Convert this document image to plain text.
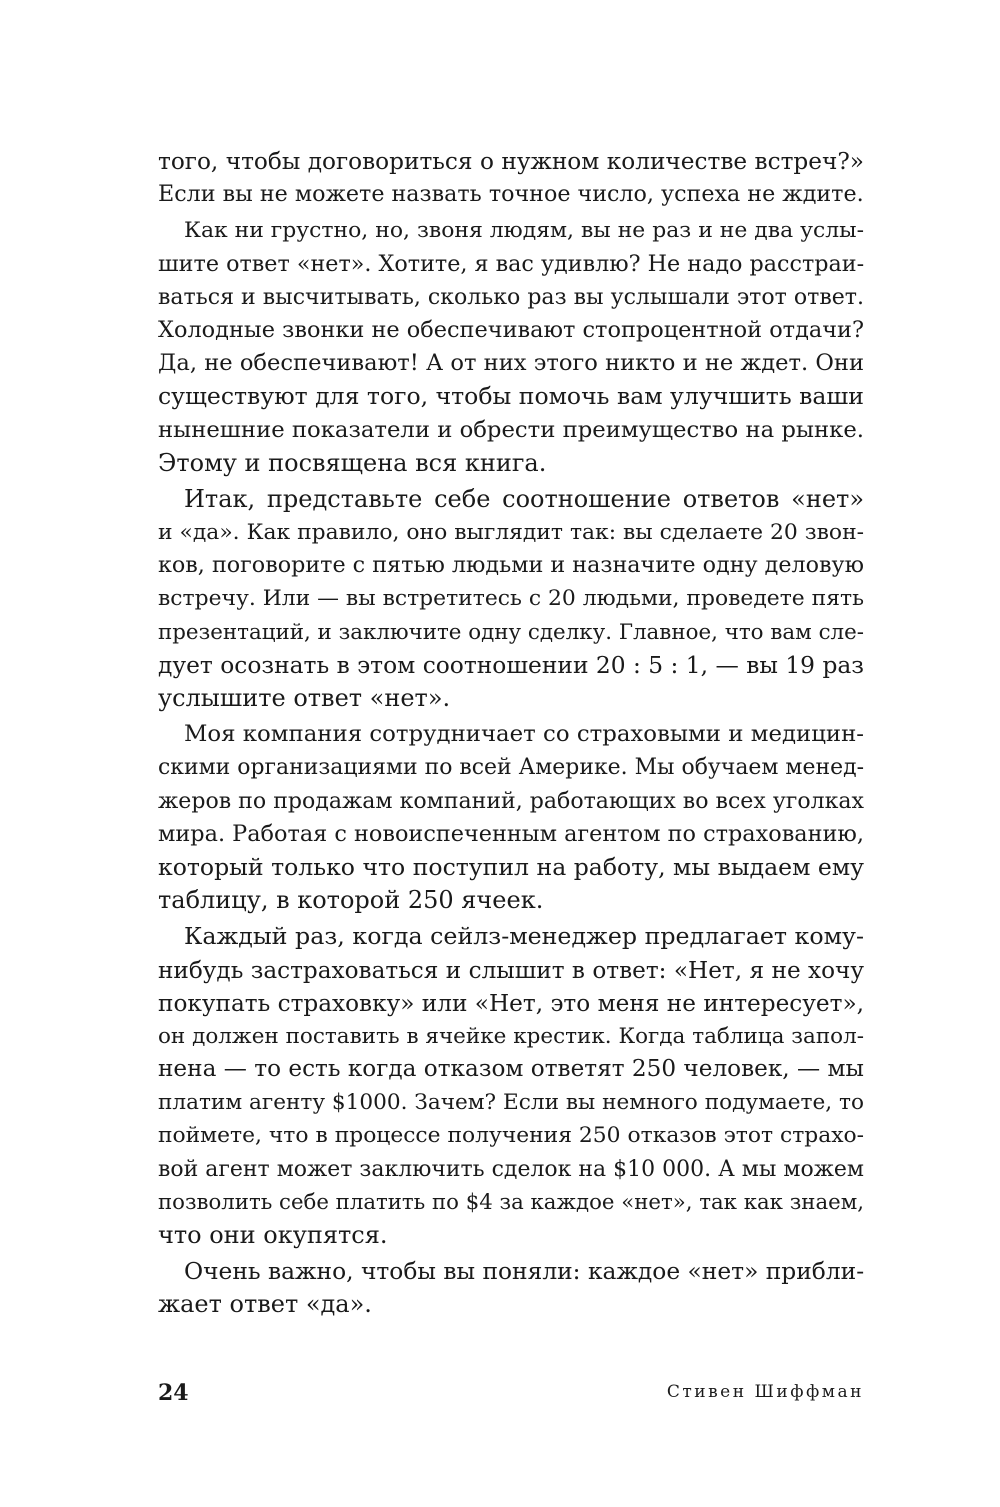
того, чтобы договориться о нужном количестве встреч?»
Если вы не можете назвать точное число, успеха не ждите.

Как ни грустно, но, звоня людям, вы не раз и не два услы-
шите ответ «нет». Хотите, я вас удивлю? Не надо расстраи-
ваться и высчитывать, сколько раз вы услышали этот ответ.
Холодные звонки не обеспечивают стопроцентной отдачи?
Да, не обеспечивают! А от них этого никто и не ждет. Они
существуют для того, чтобы помочь вам улучшить ваши
нынешние показатели и обрести преимущество на рынке.
Этому и посвящена вся книга.

Итак, представьте себе соотношение ответов «нет»
и «да». Как правило, оно выглядит так: вы сделаете 20 звон-
ков, поговорите с пятью людьми и назначите одну деловую
встречу. Или — вы встретитесь с 20 людьми, проведете пять
презентаций, и заключите одну сделку. Главное, что вам сле-
дует осознать в этом соотношении 20 : 5 : 1, — вы 19 раз
услышите ответ «нет».

Моя компания сотрудничает со страховыми и медицин-
скими организациями по всей Америке. Мы обучаем менед-
жеров по продажам компаний, работающих во всех уголках
мира. Работая с новоиспеченным агентом по страхованию,
который только что поступил на работу, мы выдаем ему
таблицу, в которой 250 ячеек.

Каждый раз, когда сейлз-менеджер предлагает кому-
нибудь застраховаться и слышит в ответ: «Нет, я не хочу
покупать страховку» или «Нет, это меня не интересует»,
он должен поставить в ячейке крестик. Когда таблица запол-
нена — то есть когда отказом ответят 250 человек, — мы
платим агенту $1000. Зачем? Если вы немного подумаете, то
поймете, что в процессе получения 250 отказов этот страхо-
вой агент может заключить сделок на $10 000. А мы можем
позволить себе платить по $4 за каждое «нет», так как знаем,
что они окупятся.

Очень важно, чтобы вы поняли: каждое «нет» прибли-
жает ответ «да».

24	Стивен Шиффман
